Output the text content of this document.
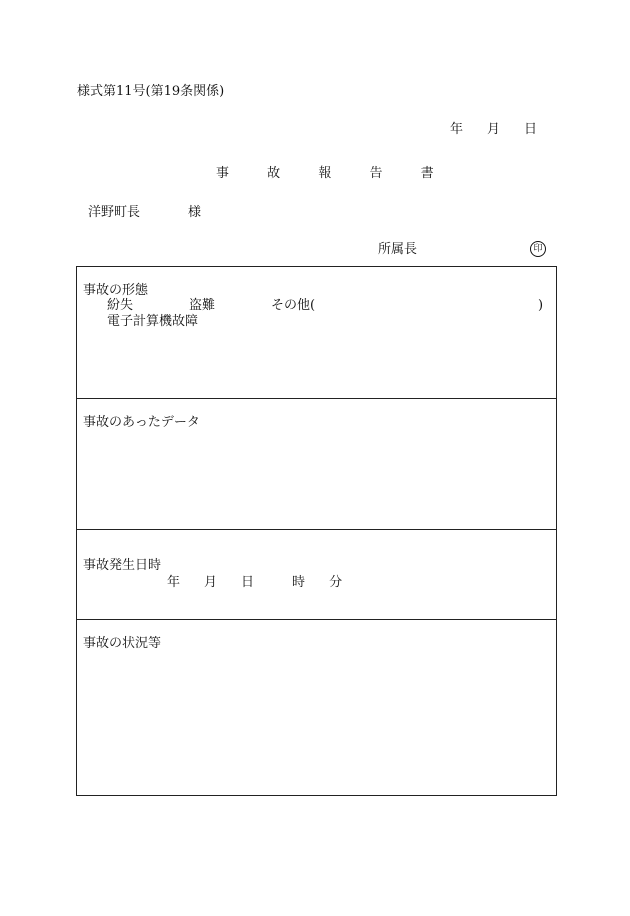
様式第11号(第19条関係)
年 月 日
事	故	報	告	書
洋野町長	様
所属長	印
事故の形態
紛失	盗難	その他(	)
電子計算機故障
事故のあったデータ
事故発生日時
年 月 日	時 分
事故の状況等
